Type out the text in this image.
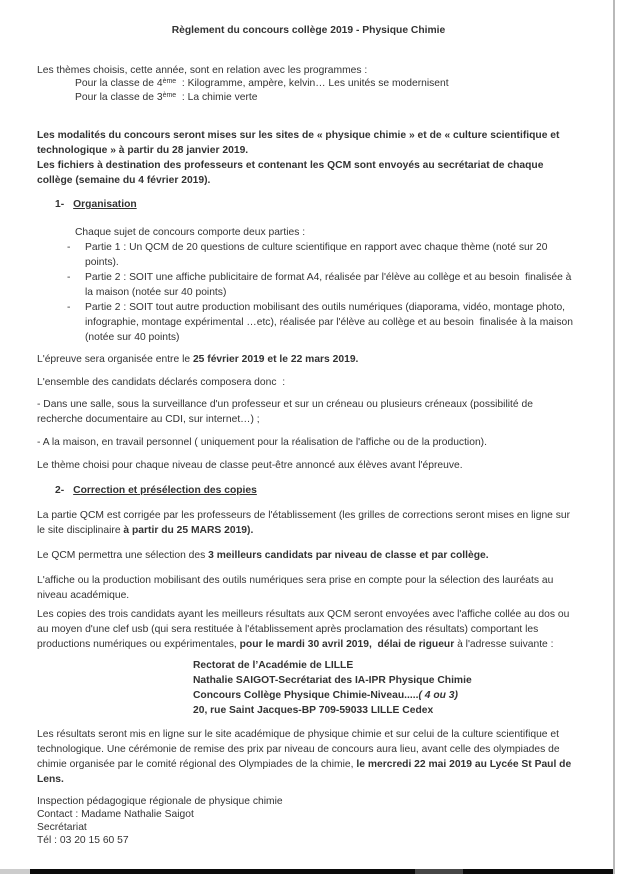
Règlement du concours collège 2019 - Physique Chimie
Les thèmes choisis, cette année, sont en relation avec les programmes :
Pour la classe de 4ème  : Kilogramme, ampère, kelvin… Les unités se modernisent
Pour la classe de 3ème  : La chimie verte
Les modalités du concours seront mises sur les sites de « physique chimie » et de « culture scientifique et technologique » à partir du 28 janvier 2019.
Les fichiers à destination des professeurs et contenant les QCM sont envoyés au secrétariat de chaque collège (semaine du 4 février 2019).
1- Organisation
Chaque sujet de concours comporte deux parties :
- Partie 1 : Un QCM de 20 questions de culture scientifique en rapport avec chaque thème (noté sur 20 points).
- Partie 2 : SOIT une affiche publicitaire de format A4, réalisée par l'élève au collège et au besoin  finalisée à la maison (notée sur 40 points)
- Partie 2 : SOIT tout autre production mobilisant des outils numériques (diaporama, vidéo, montage photo, infographie, montage expérimental …etc), réalisée par l'élève au collège et au besoin  finalisée à la maison (notée sur 40 points)
L'épreuve sera organisée entre le 25 février 2019 et le 22 mars 2019.
L'ensemble des candidats déclarés composera donc  :
- Dans une salle, sous la surveillance d'un professeur et sur un créneau ou plusieurs créneaux (possibilité de recherche documentaire au CDI, sur internet…) ;
- A la maison, en travail personnel ( uniquement pour la réalisation de l'affiche ou de la production).
Le thème choisi pour chaque niveau de classe peut-être annoncé aux élèves avant l'épreuve.
2- Correction et présélection des copies
La partie QCM est corrigée par les professeurs de l'établissement (les grilles de corrections seront mises en ligne sur le site disciplinaire à partir du 25 MARS 2019).
Le QCM permettra une sélection des 3 meilleurs candidats par niveau de classe et par collège.
L'affiche ou la production mobilisant des outils numériques sera prise en compte pour la sélection des lauréats au niveau académique.
Les copies des trois candidats ayant les meilleurs résultats aux QCM seront envoyées avec l'affiche collée au dos ou au moyen d'une clef usb (qui sera restituée à l'établissement après proclamation des résultats) comportant les productions numériques ou expérimentales, pour le mardi 30 avril 2019,  délai de rigueur à l'adresse suivante :
Rectorat de l’Académie de LILLE
Nathalie SAIGOT-Secrétariat des IA-IPR Physique Chimie
Concours Collège Physique Chimie-Niveau.....( 4 ou 3)
20, rue Saint Jacques-BP 709-59033 LILLE Cedex
Les résultats seront mis en ligne sur le site académique de physique chimie et sur celui de la culture scientifique et technologique. Une cérémonie de remise des prix par niveau de concours aura lieu, avant celle des olympiades de chimie organisée par le comité régional des Olympiades de la chimie, le mercredi 22 mai 2019 au Lycée St Paul de Lens.
Inspection pédagogique régionale de physique chimie
Contact : Madame Nathalie Saigot
Secrétariat
Tél : 03 20 15 60 57
